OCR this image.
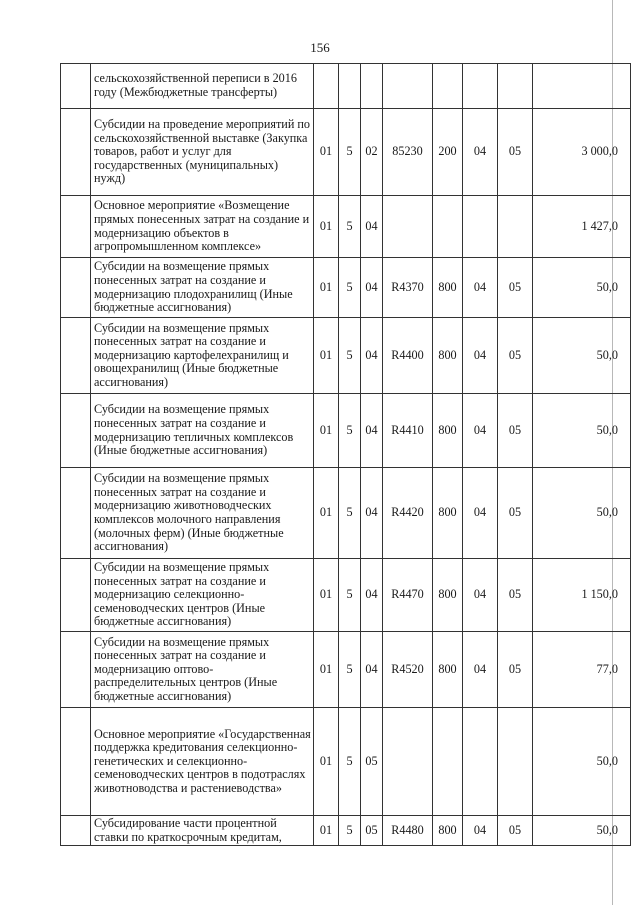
156
	сельскохозяйственной переписи в 2016 году (Межбюджетные трансферты)								
	Субсидии на проведение мероприятий по сельскохозяйственной выставке (Закупка товаров, работ и услуг для государственных (муниципальных) нужд)	01	5	02	85230	200	04	05	3 000,0
	Основное мероприятие «Возмещение прямых понесенных затрат на создание и модернизацию объектов в агропромышленном комплексе»	01	5	04					1 427,0
	Субсидии на возмещение прямых понесенных затрат на создание и модернизацию плодохранилищ (Иные бюджетные ассигнования)	01	5	04	R4370	800	04	05	50,0
	Субсидии на возмещение прямых понесенных затрат на создание и модернизацию картофелехранилищ и овощехранилищ (Иные бюджетные ассигнования)	01	5	04	R4400	800	04	05	50,0
	Субсидии на возмещение прямых понесенных затрат на создание и модернизацию тепличных комплексов (Иные бюджетные ассигнования)	01	5	04	R4410	800	04	05	50,0
	Субсидии на возмещение прямых понесенных затрат на создание и модернизацию животноводческих комплексов молочного направления (молочных ферм) (Иные бюджетные ассигнования)	01	5	04	R4420	800	04	05	50,0
	Субсидии на возмещение прямых понесенных затрат на создание и модернизацию селекционно-семеноводческих центров (Иные бюджетные ассигнования)	01	5	04	R4470	800	04	05	1 150,0
	Субсидии на возмещение прямых понесенных затрат на создание и модернизацию оптово-распределительных центров (Иные бюджетные ассигнования)	01	5	04	R4520	800	04	05	77,0
	Основное мероприятие «Государственная поддержка кредитования селекционно-генетических и селекционно-семеноводческих центров в подотраслях животноводства и растениеводства»	01	5	05					50,0
	Субсидирование части процентной ставки по краткосрочным кредитам,	01	5	05	R4480	800	04	05	50,0
